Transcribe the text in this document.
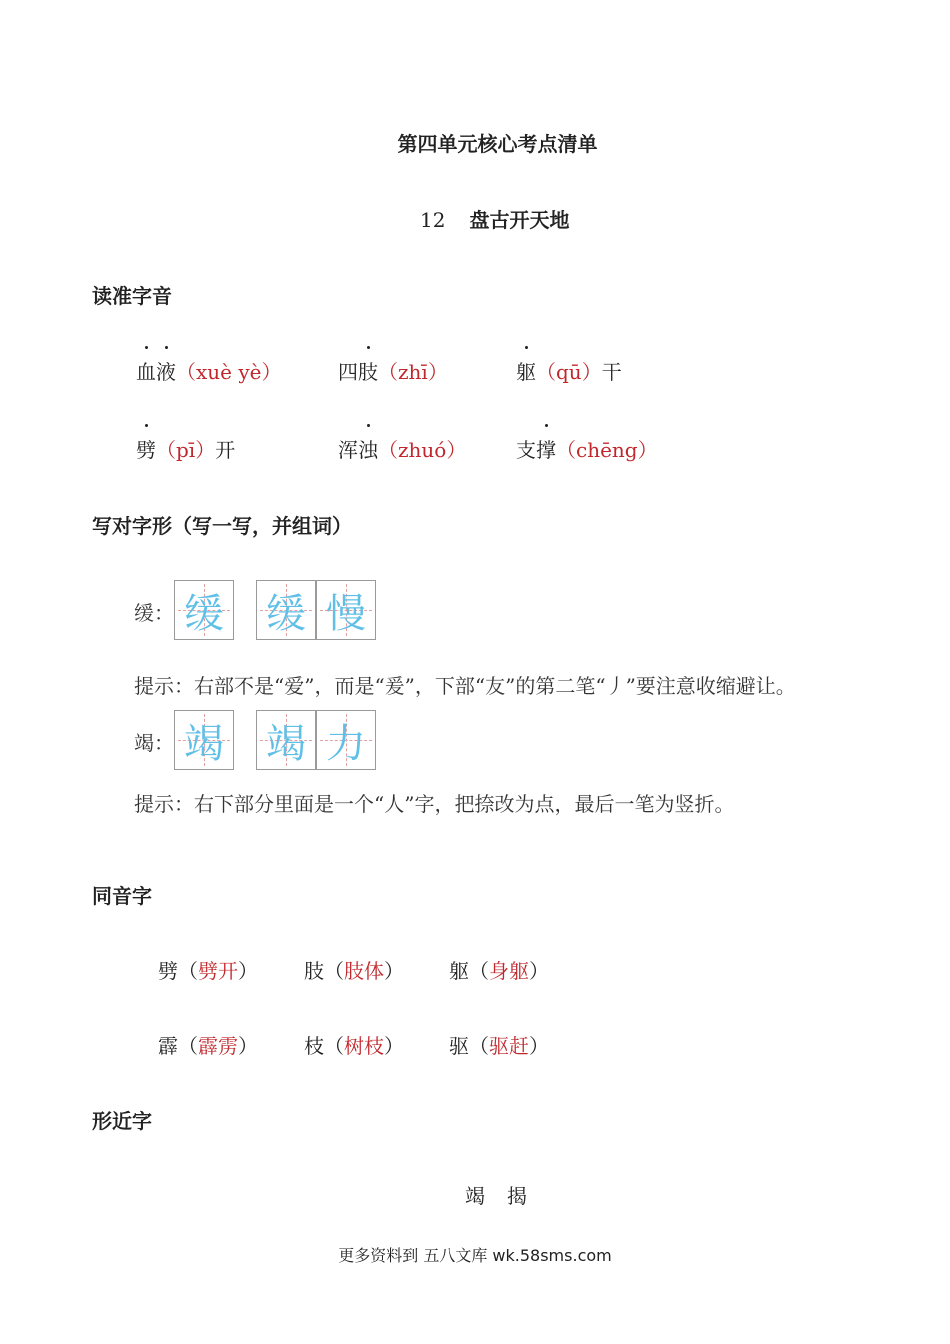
第四单元核心考点清单
12 盘古开天地
读准字音
血液（xuè yè）	四肢（zhī）	躯（qū）干
劈（pī）开	浑浊（zhuó） 支撑（chēng）
写对字形（写一写，并组词）
缓： 缓 缓 慢
提示：右部不是“爱”，而是“爰”，下部“友”的第二笔“丿”要注意收缩避让。
竭： 竭 竭 力
提示：右下部分里面是一个“人”字，把捺改为点，最后一笔为竖折。
同音字
劈（劈开） 肢（肢体） 躯（身躯）
霹（霹雳） 枝（树枝） 驱（驱赶）
形近字
竭 揭
更多资料到 五八文库 wk.58sms.com
